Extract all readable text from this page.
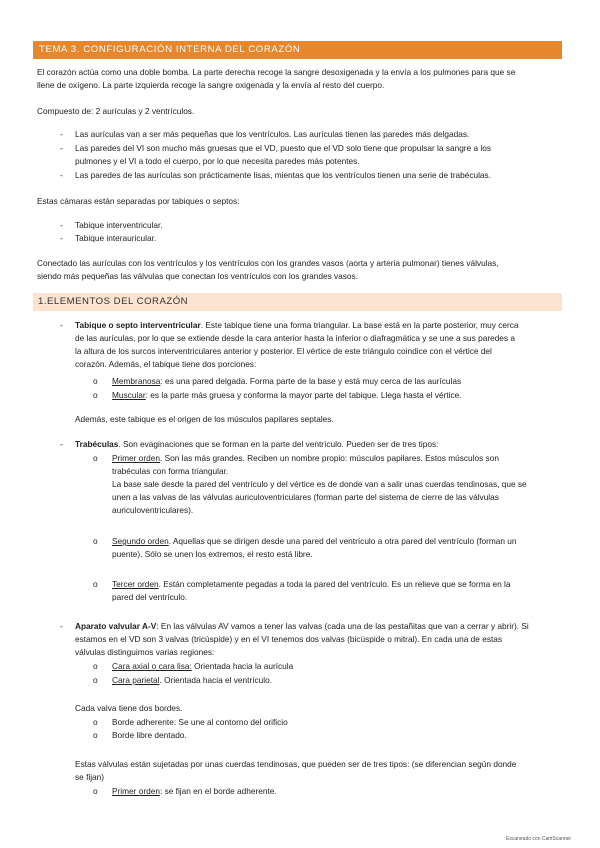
TEMA 3. CONFIGURACIÓN INTERNA DEL CORAZÓN
El corazón actúa como una doble bomba. La parte derecha recoge la sangre desoxigenada y la envía a los pulmones para que se
llene de oxígeno. La parte izquierda recoge la sangre oxigenada y la envía al resto del cuerpo.
Compuesto de: 2 aurículas y 2 ventrículos.
- Las aurículas van a ser más pequeñas que los ventrículos. Las aurículas tienen las paredes más delgadas.
- Las paredes del VI son mucho más gruesas que el VD, puesto que el VD solo tiene que propulsar la sangre a los
pulmones y el VI a todo el cuerpo, por lo que necesita paredes más potentes.
- Las paredes de las aurículas son prácticamente lisas, mientas que los ventrículos tienen una serie de trabéculas.
Estas cámaras están separadas por tabiques o septos:
- Tabique interventricular.
- Tabique interauricular.
Conectado las aurículas con los ventrículos y los ventrículos con los grandes vasos (aorta y arteria pulmonar) tienes válvulas,
siendo más pequeñas las válvulas que conectan los ventrículos con los grandes vasos.
1.ELEMENTOS DEL CORAZÓN
- Tabique o septo interventricular. Este tabique tiene una forma triangular. La base está en la parte posterior, muy cerca
de las aurículas, por lo que se extiende desde la cara anterior hasta la inferior o diafragmática y se une a sus paredes a
la altura de los surcos interventriculares anterior y posterior. El vértice de este triángulo coindice con el vértice del
corazón. Además, el tabique tiene dos porciones:
o Membranosa: es una pared delgada. Forma parte de la base y está muy cerca de las aurículas
o Muscular: es la parte más gruesa y conforma la mayor parte del tabique. Llega hasta el vértice.
Además, este tabique es el origen de los músculos papilares septales.
- Trabéculas. Son evaginaciones que se forman en la parte del ventrículo. Pueden ser de tres tipos:
o Primer orden. Son las más grandes. Reciben un nombre propio: músculos papilares. Estos músculos son
trabéculas con forma triangular.
La base sale desde la pared del ventrículo y del vértice es de donde van a salir unas cuerdas tendinosas, que se
unen a las valvas de las válvulas auriculoventriculares (forman parte del sistema de cierre de las válvulas
auriculoventriculares).
o Segundo orden. Aquellas que se dirigen desde una pared del ventrículo a otra pared del ventrículo (forman un
puente). Sólo se unen los extremos, el resto está libre.
o Tercer orden. Están completamente pegadas a toda la pared del ventrículo. Es un relieve que se forma en la
pared del ventrículo.
- Aparato valvular A-V: En las válvulas AV vamos a tener las valvas (cada una de las pestañitas que van a cerrar y abrir). Si
estamos en el VD son 3 valvas (tricúspide) y en el VI tenemos dos valvas (bicúspide o mitral). En cada una de estas
válvulas distinguimos varias regiones:
o Cara axial o cara lisa: Orientada hacia la aurícula
o Cara parietal. Orientada hacia el ventrículo.
Cada valva tiene dos bordes.
o Borde adherente: Se une al contorno del orificio
o Borde libre dentado.
Estas válvulas están sujetadas por unas cuerdas tendinosas, que pueden ser de tres tipos: (se diferencian según donde
se fijan)
o Primer orden: se fijan en el borde adherente.
Escaneado con CamScanner
